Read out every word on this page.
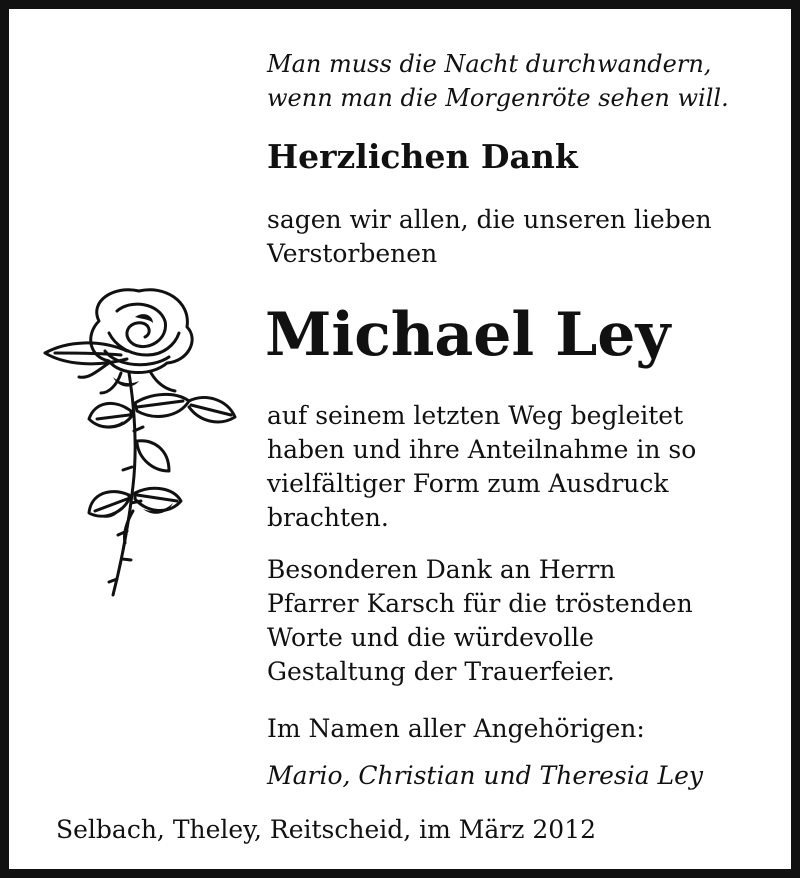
Man muss die Nacht durchwandern,
wenn man die Morgenröte sehen will.

Herzlichen Dank

sagen wir allen, die unseren lieben
Verstorbenen

Michael Ley

auf seinem letzten Weg begleitet
haben und ihre Anteilnahme in so
vielfältiger Form zum Ausdruck
brachten.

Besonderen Dank an Herrn
Pfarrer Karsch für die tröstenden
Worte und die würdevolle
Gestaltung der Trauerfeier.

Im Namen aller Angehörigen:

Mario, Christian und Theresia Ley

Selbach, Theley, Reitscheid, im März 2012
